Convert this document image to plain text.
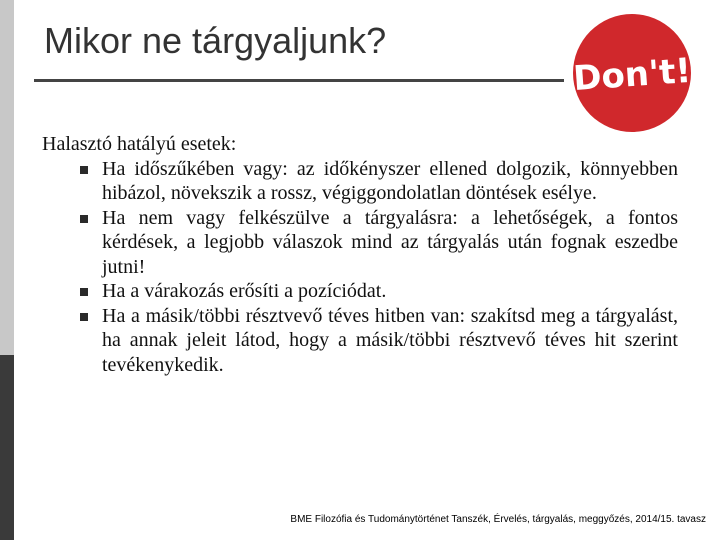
Mikor ne tárgyaljunk?
Don't!

Halasztó hatályú esetek:

Ha időszűkében vagy: az időkényszer ellened dolgozik, könnyebben hibázol, növekszik a rossz, végiggondolatlan döntések esélye.
Ha nem vagy felkészülve a tárgyalásra: a lehetőségek, a fontos kérdések, a legjobb válaszok mind az tárgyalás után fognak eszedbe jutni!
Ha a várakozás erősíti a pozíciódat.
Ha a másik/többi résztvevő téves hitben van: szakítsd meg a tárgyalást, ha annak jeleit látod, hogy a másik/többi résztvevő téves hit szerint tevékenykedik.
BME Filozófia és Tudománytörténet Tanszék, Érvelés, tárgyalás, meggyőzés, 2014/15. tavasz
